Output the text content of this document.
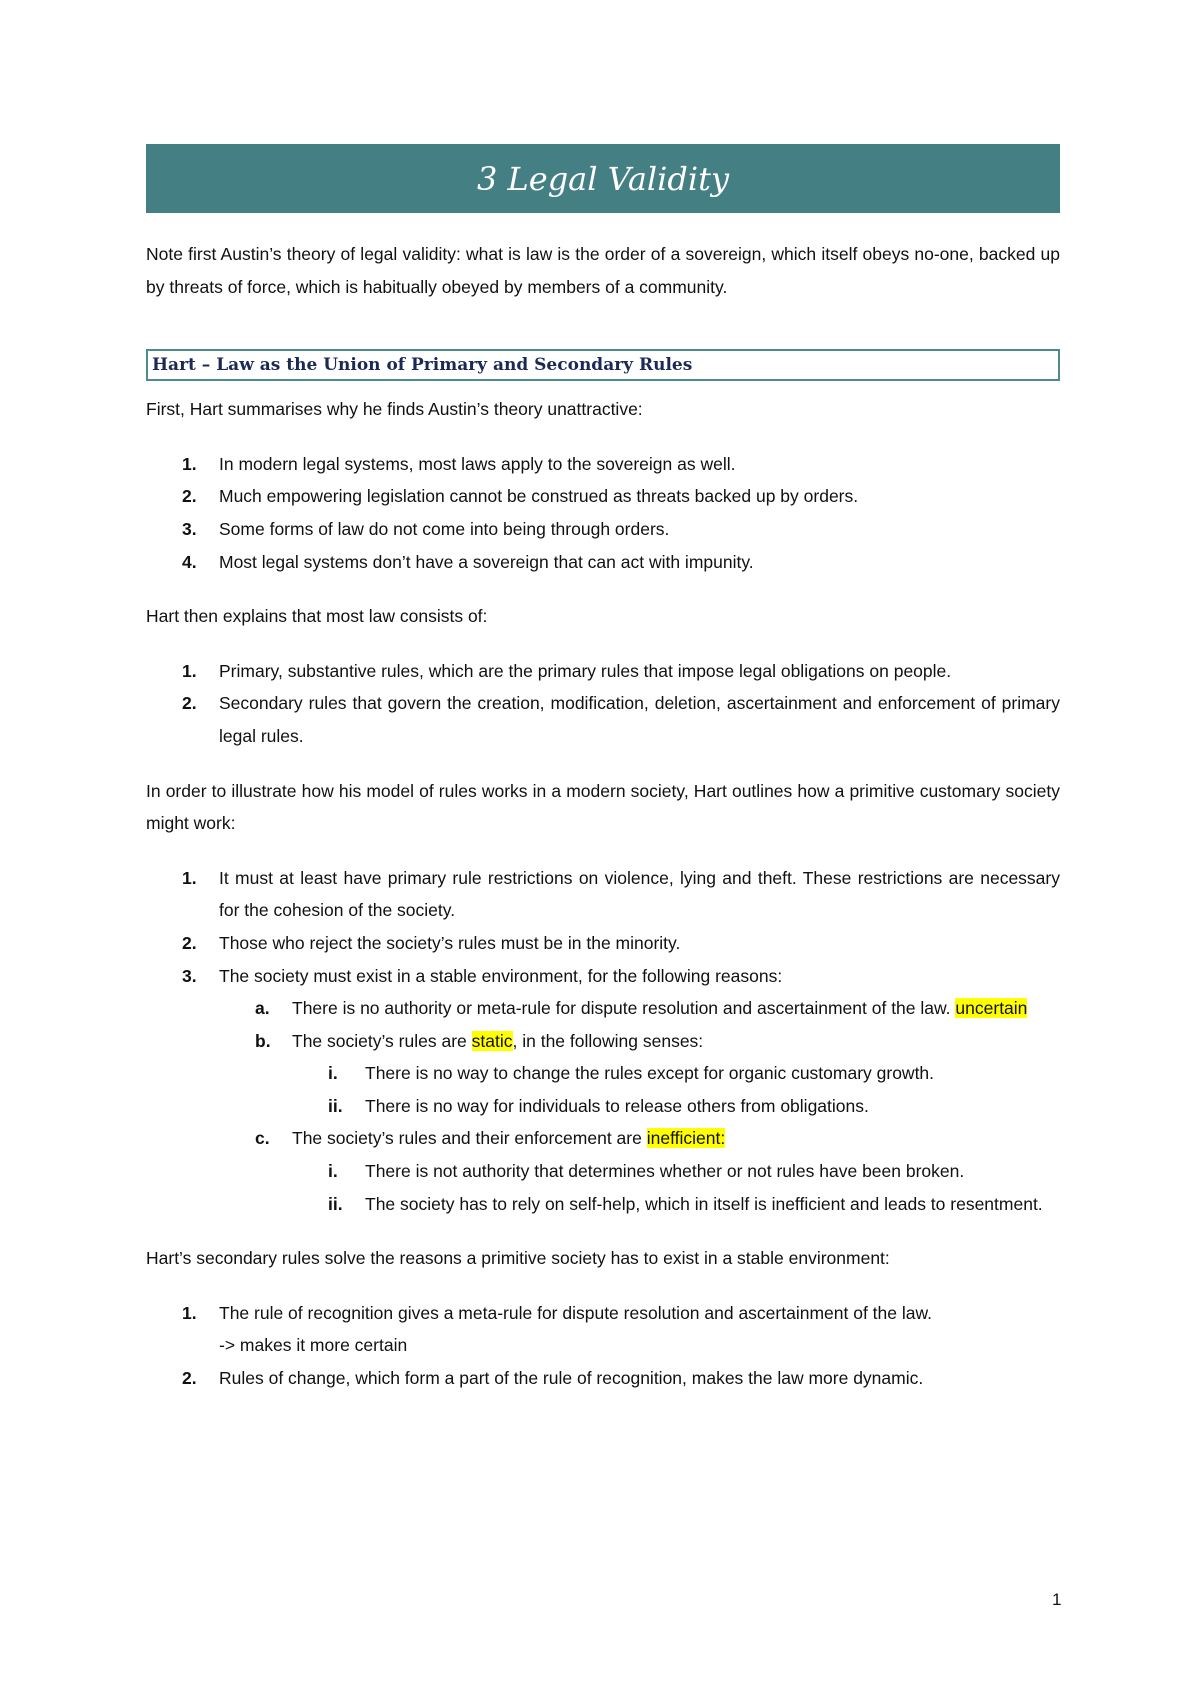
3 Legal Validity

Note first Austin’s theory of legal validity: what is law is the order of a sovereign, which itself obeys no-one, backed up by threats of force, which is habitually obeyed by members of a community.

Hart – Law as the Union of Primary and Secondary Rules

First, Hart summarises why he finds Austin’s theory unattractive:

1. In modern legal systems, most laws apply to the sovereign as well.
2. Much empowering legislation cannot be construed as threats backed up by orders.
3. Some forms of law do not come into being through orders.
4. Most legal systems don’t have a sovereign that can act with impunity.

Hart then explains that most law consists of:

1. Primary, substantive rules, which are the primary rules that impose legal obligations on people.
2. Secondary rules that govern the creation, modification, deletion, ascertainment and enforcement of primary legal rules.

In order to illustrate how his model of rules works in a modern society, Hart outlines how a primitive customary society might work:

1. It must at least have primary rule restrictions on violence, lying and theft. These restrictions are necessary for the cohesion of the society.
2. Those who reject the society’s rules must be in the minority.
3. The society must exist in a stable environment, for the following reasons:
a. There is no authority or meta-rule for dispute resolution and ascertainment of the law. uncertain
b. The society’s rules are static, in the following senses:
i. There is no way to change the rules except for organic customary growth.
ii. There is no way for individuals to release others from obligations.
c. The society’s rules and their enforcement are inefficient:
i. There is not authority that determines whether or not rules have been broken.
ii. The society has to rely on self-help, which in itself is inefficient and leads to resentment.

Hart’s secondary rules solve the reasons a primitive society has to exist in a stable environment:

1. The rule of recognition gives a meta-rule for dispute resolution and ascertainment of the law.
-> makes it more certain
2. Rules of change, which form a part of the rule of recognition, makes the law more dynamic.
1
